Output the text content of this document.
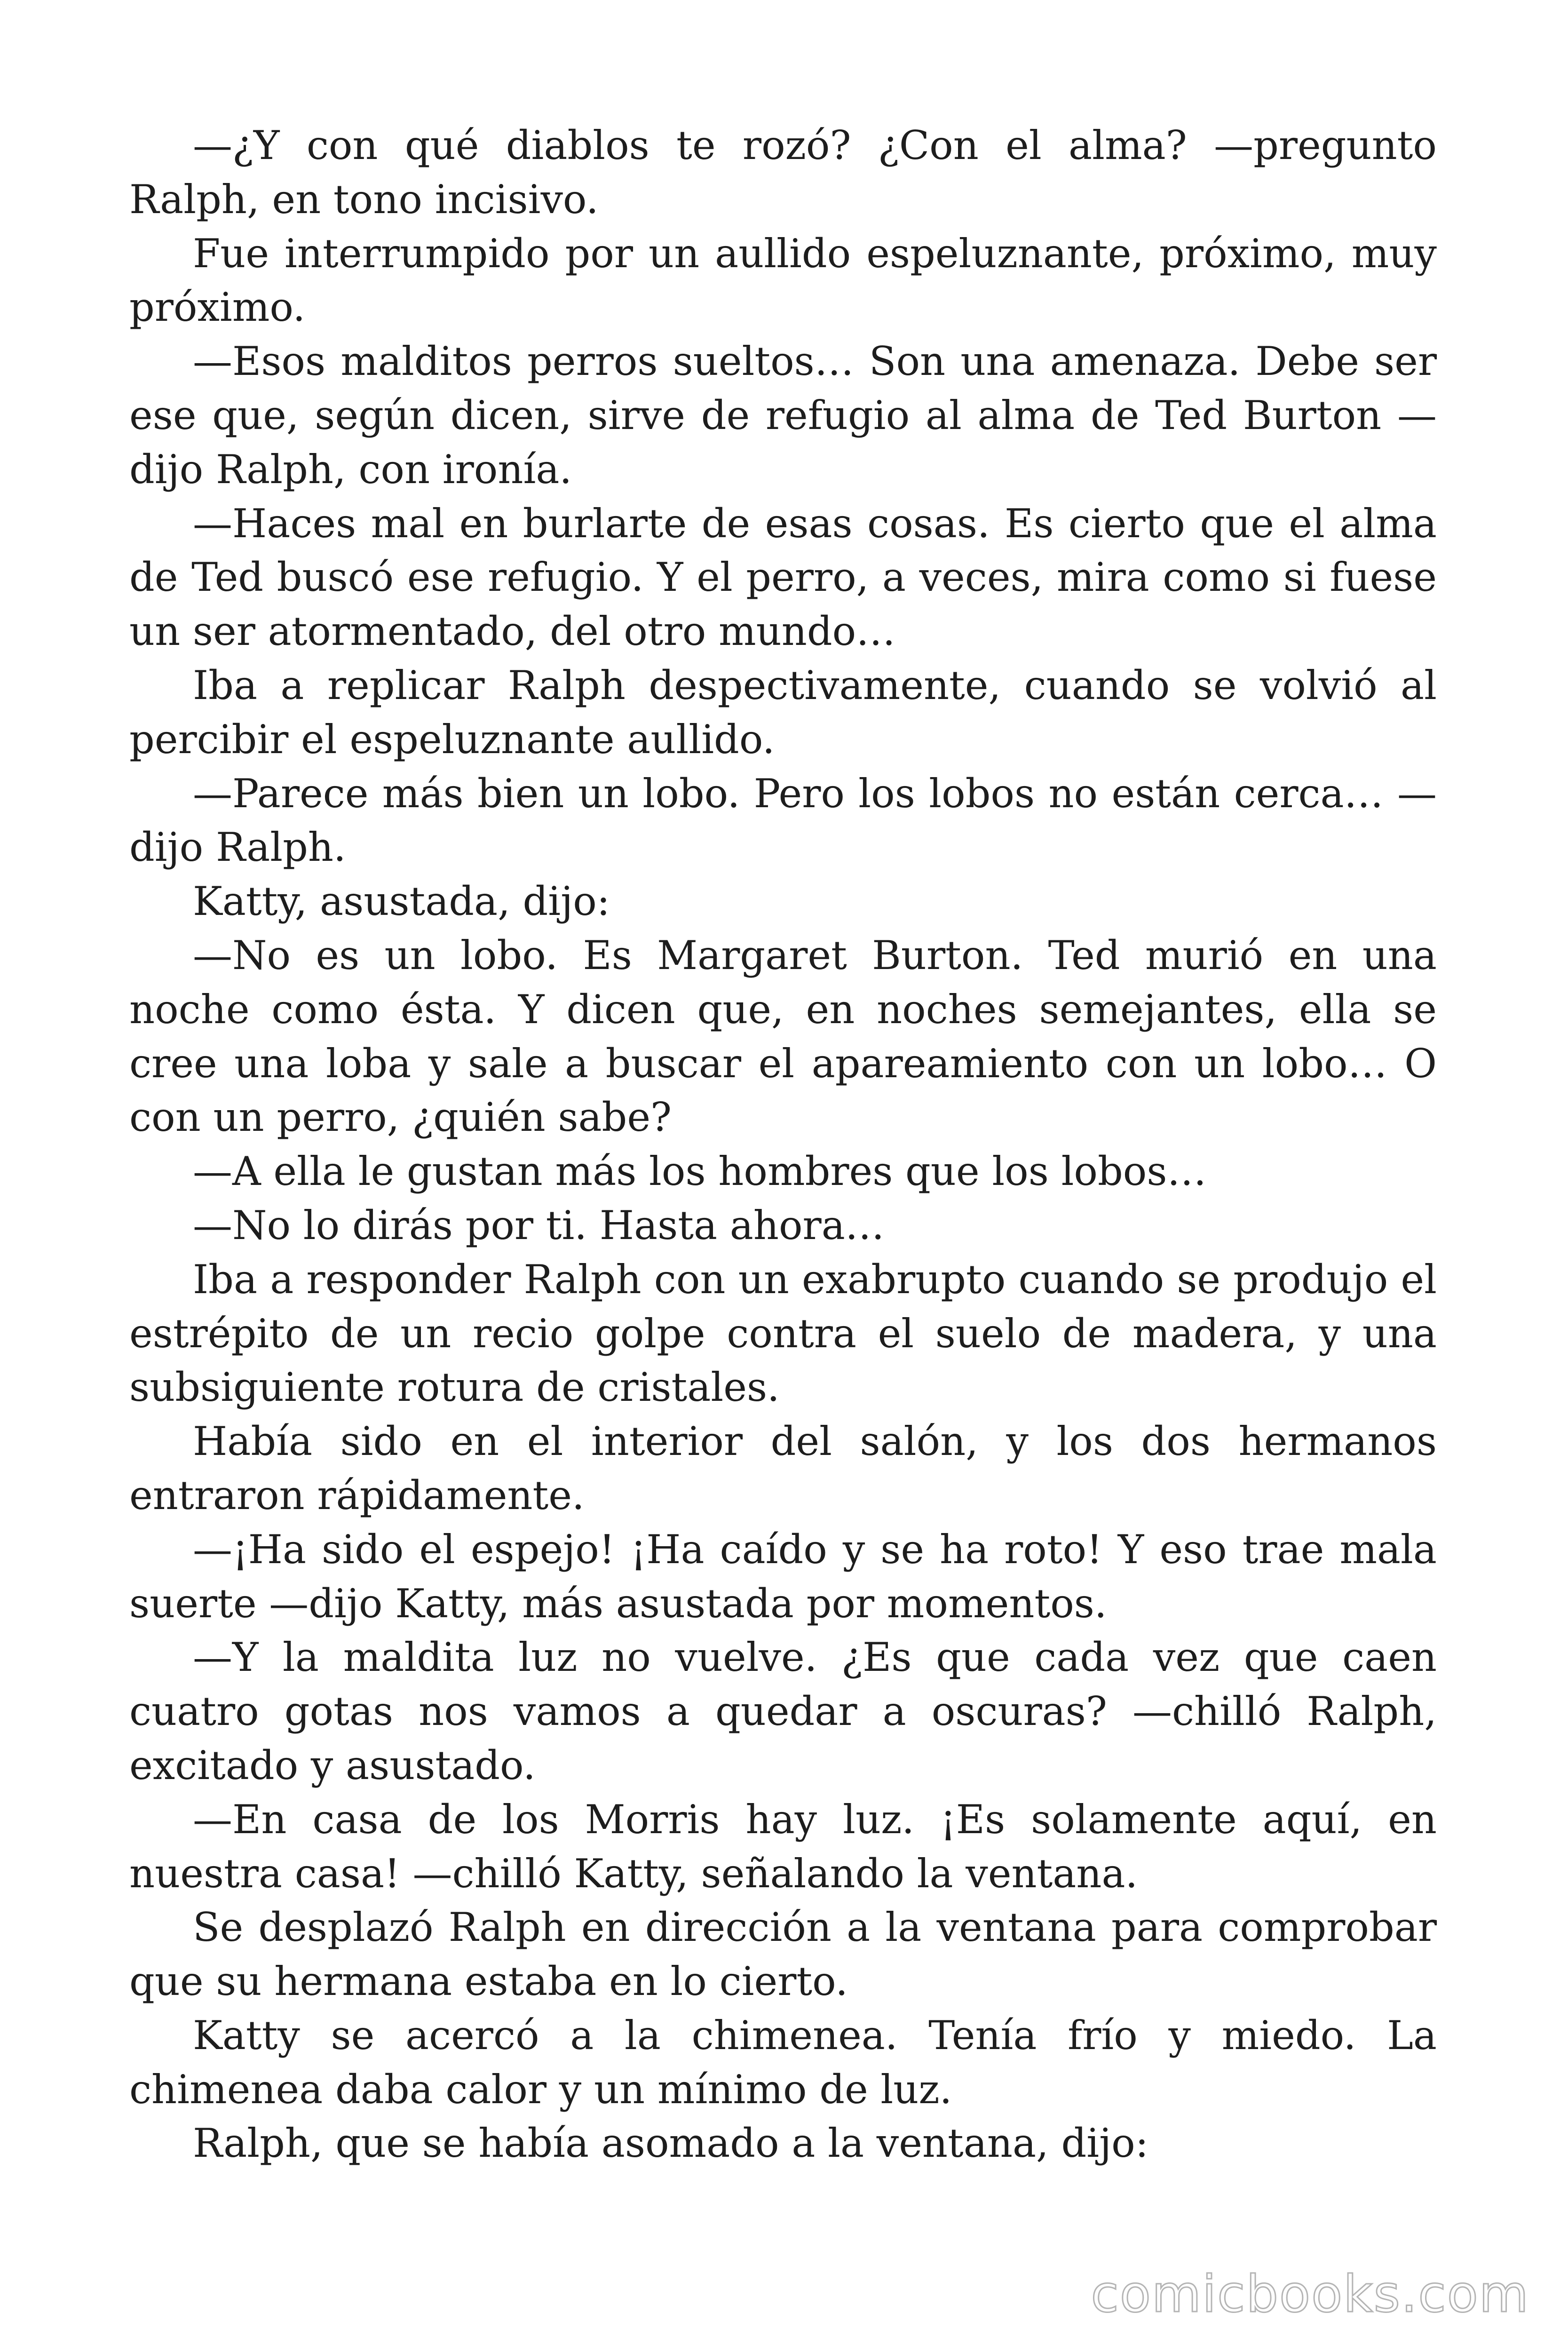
—¿Y con qué diablos te rozó? ¿Con el alma? —pregunto Ralph, en tono incisivo.

Fue interrumpido por un aullido espeluznante, próximo, muy próximo.

—Esos malditos perros sueltos… Son una amenaza. Debe ser ese que, según dicen, sirve de refugio al alma de Ted Burton —dijo Ralph, con ironía.

—Haces mal en burlarte de esas cosas. Es cierto que el alma de Ted buscó ese refugio. Y el perro, a veces, mira como si fuese un ser atormentado, del otro mundo…

Iba a replicar Ralph despectivamente, cuando se volvió al percibir el espeluznante aullido.

—Parece más bien un lobo. Pero los lobos no están cerca… —dijo Ralph.

Katty, asustada, dijo:

—No es un lobo. Es Margaret Burton. Ted murió en una noche como ésta. Y dicen que, en noches semejantes, ella se cree una loba y sale a buscar el apareamiento con un lobo… O con un perro, ¿quién sabe?

—A ella le gustan más los hombres que los lobos…

—No lo dirás por ti. Hasta ahora…

Iba a responder Ralph con un exabrupto cuando se produjo el estrépito de un recio golpe contra el suelo de madera, y una subsiguiente rotura de cristales.

Había sido en el interior del salón, y los dos hermanos entraron rápidamente.

—¡Ha sido el espejo! ¡Ha caído y se ha roto! Y eso trae mala suerte —dijo Katty, más asustada por momentos.

—Y la maldita luz no vuelve. ¿Es que cada vez que caen cuatro gotas nos vamos a quedar a oscuras? —chilló Ralph, excitado y asustado.

—En casa de los Morris hay luz. ¡Es solamente aquí, en nuestra casa! —chilló Katty, señalando la ventana.

Se desplazó Ralph en dirección a la ventana para comprobar que su hermana estaba en lo cierto.

Katty se acercó a la chimenea. Tenía frío y miedo. La chimenea daba calor y un mínimo de luz.

Ralph, que se había asomado a la ventana, dijo:

comicbooks.com
